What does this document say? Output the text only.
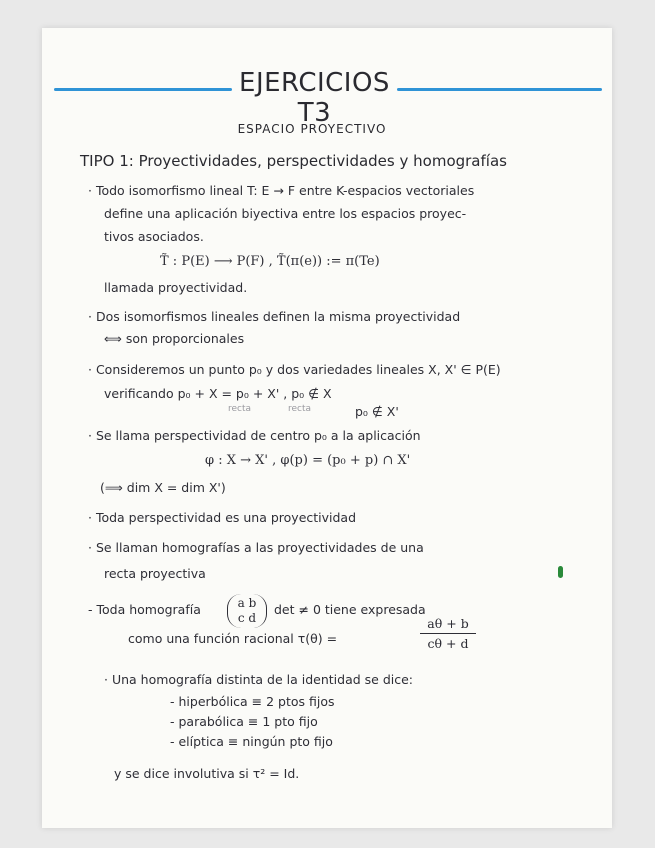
EJERCICIOS T3
ESPACIO PROYECTIVO
TIPO 1: Proyectividades, perspectividades y homografías
· Todo isomorfismo lineal T: E → F entre K-espacios vectoriales
define una aplicación biyectiva entre los espacios proyec-
tivos asociados.
T̃ : P(E) ⟶ P(F) , T̃(π(e)) := π(Te)
llamada proyectividad.
· Dos isomorfismos lineales definen la misma proyectividad
⟺ son proporcionales
· Consideremos un punto p₀ y dos variedades lineales X, X' ∈ P(E)
verificando p₀ + X = p₀ + X' , p₀ ∉ X
recta	recta	p₀ ∉ X'
· Se llama perspectividad de centro p₀ a la aplicación
φ : X → X' , φ(p) = (p₀ + p) ∩ X'
(⟹ dim X = dim X')
· Toda perspectividad es una proyectividad
· Se llaman homografías a las proyectividades de una
recta proyectiva
- Toda homografía	a b
c d
det ≠ 0 tiene expresada
como una función racional τ(θ) =	$\frac{a\theta + b}{c\theta + d}$
· Una homografía distinta de la identidad se dice:
- hiperbólica ≡ 2 ptos fijos
- parabólica ≡ 1 pto fijo
- elíptica ≡ ningún pto fijo
y se dice involutiva si τ² = Id.
